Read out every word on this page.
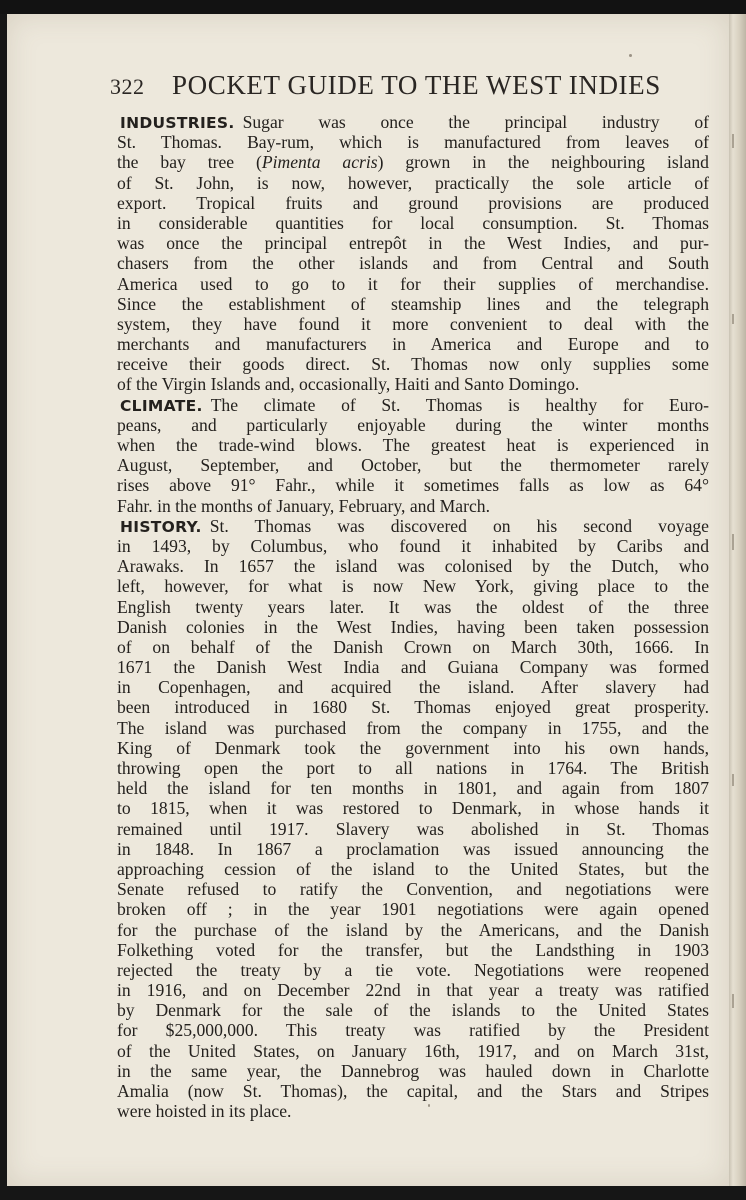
322 POCKET GUIDE TO THE WEST INDIES
INDUSTRIES. Sugar was once the principal industry of
St. Thomas. Bay-rum, which is manufactured from leaves of
the bay tree (Pimenta acris) grown in the neighbouring island
of St. John, is now, however, practically the sole article of
export. Tropical fruits and ground provisions are produced
in considerable quantities for local consumption. St. Thomas
was once the principal entrepôt in the West Indies, and pur-
chasers from the other islands and from Central and South
America used to go to it for their supplies of merchandise.
Since the establishment of steamship lines and the telegraph
system, they have found it more convenient to deal with the
merchants and manufacturers in America and Europe and to
receive their goods direct. St. Thomas now only supplies some
of the Virgin Islands and, occasionally, Haiti and Santo Domingo.
CLIMATE. The climate of St. Thomas is healthy for Euro-
peans, and particularly enjoyable during the winter months
when the trade-wind blows. The greatest heat is experienced in
August, September, and October, but the thermometer rarely
rises above 91° Fahr., while it sometimes falls as low as 64°
Fahr. in the months of January, February, and March.
HISTORY. St. Thomas was discovered on his second voyage
in 1493, by Columbus, who found it inhabited by Caribs and
Arawaks. In 1657 the island was colonised by the Dutch, who
left, however, for what is now New York, giving place to the
English twenty years later. It was the oldest of the three
Danish colonies in the West Indies, having been taken possession
of on behalf of the Danish Crown on March 30th, 1666. In
1671 the Danish West India and Guiana Company was formed
in Copenhagen, and acquired the island. After slavery had
been introduced in 1680 St. Thomas enjoyed great prosperity.
The island was purchased from the company in 1755, and the
King of Denmark took the government into his own hands,
throwing open the port to all nations in 1764. The British
held the island for ten months in 1801, and again from 1807
to 1815, when it was restored to Denmark, in whose hands it
remained until 1917. Slavery was abolished in St. Thomas
in 1848. In 1867 a proclamation was issued announcing the
approaching cession of the island to the United States, but the
Senate refused to ratify the Convention, and negotiations were
broken off ; in the year 1901 negotiations were again opened
for the purchase of the island by the Americans, and the Danish
Folkething voted for the transfer, but the Landsthing in 1903
rejected the treaty by a tie vote. Negotiations were reopened
in 1916, and on December 22nd in that year a treaty was ratified
by Denmark for the sale of the islands to the United States
for $25,000,000. This treaty was ratified by the President
of the United States, on January 16th, 1917, and on March 31st,
in the same year, the Dannebrog was hauled down in Charlotte
Amalia (now St. Thomas), the capital, and the Stars and Stripes
were hoisted in its place.
